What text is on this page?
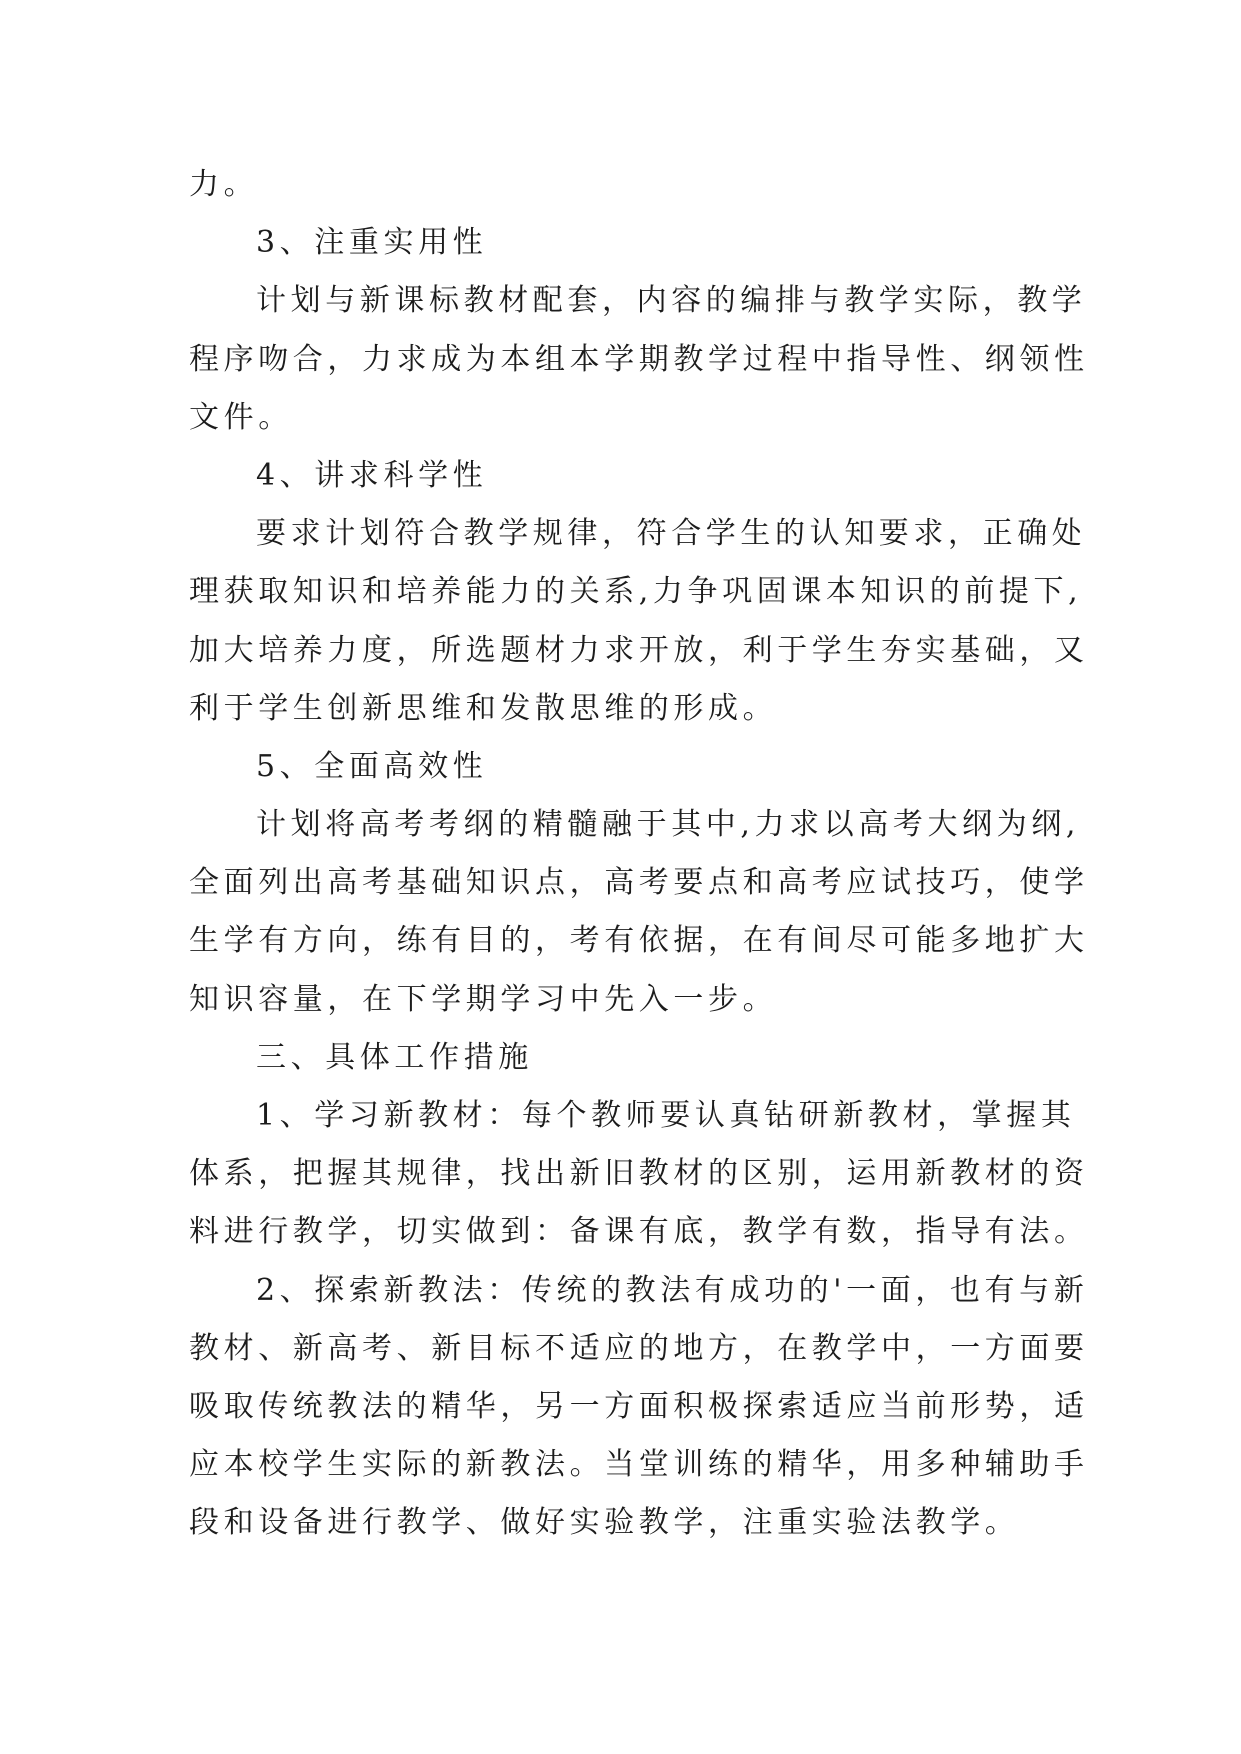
力。
3、注重实用性
计划与新课标教材配套，内容的编排与教学实际，教学
程序吻合，力求成为本组本学期教学过程中指导性、纲领性
文件。
4、讲求科学性
要求计划符合教学规律，符合学生的认知要求，正确处
理获取知识和培养能力的关系,力争巩固课本知识的前提下,
加大培养力度，所选题材力求开放，利于学生夯实基础，又
利于学生创新思维和发散思维的形成。
5、全面高效性
计划将高考考纲的精髓融于其中,力求以高考大纲为纲,
全面列出高考基础知识点，高考要点和高考应试技巧，使学
生学有方向，练有目的，考有依据，在有间尽可能多地扩大
知识容量，在下学期学习中先入一步。
三、具体工作措施
1、学习新教材：每个教师要认真钻研新教材，掌握其
体系，把握其规律，找出新旧教材的区别，运用新教材的资
料进行教学，切实做到：备课有底，教学有数，指导有法。
2、探索新教法：传统的教法有成功的'一面，也有与新
教材、新高考、新目标不适应的地方，在教学中，一方面要
吸取传统教法的精华，另一方面积极探索适应当前形势，适
应本校学生实际的新教法。当堂训练的精华，用多种辅助手
段和设备进行教学、做好实验教学，注重实验法教学。
